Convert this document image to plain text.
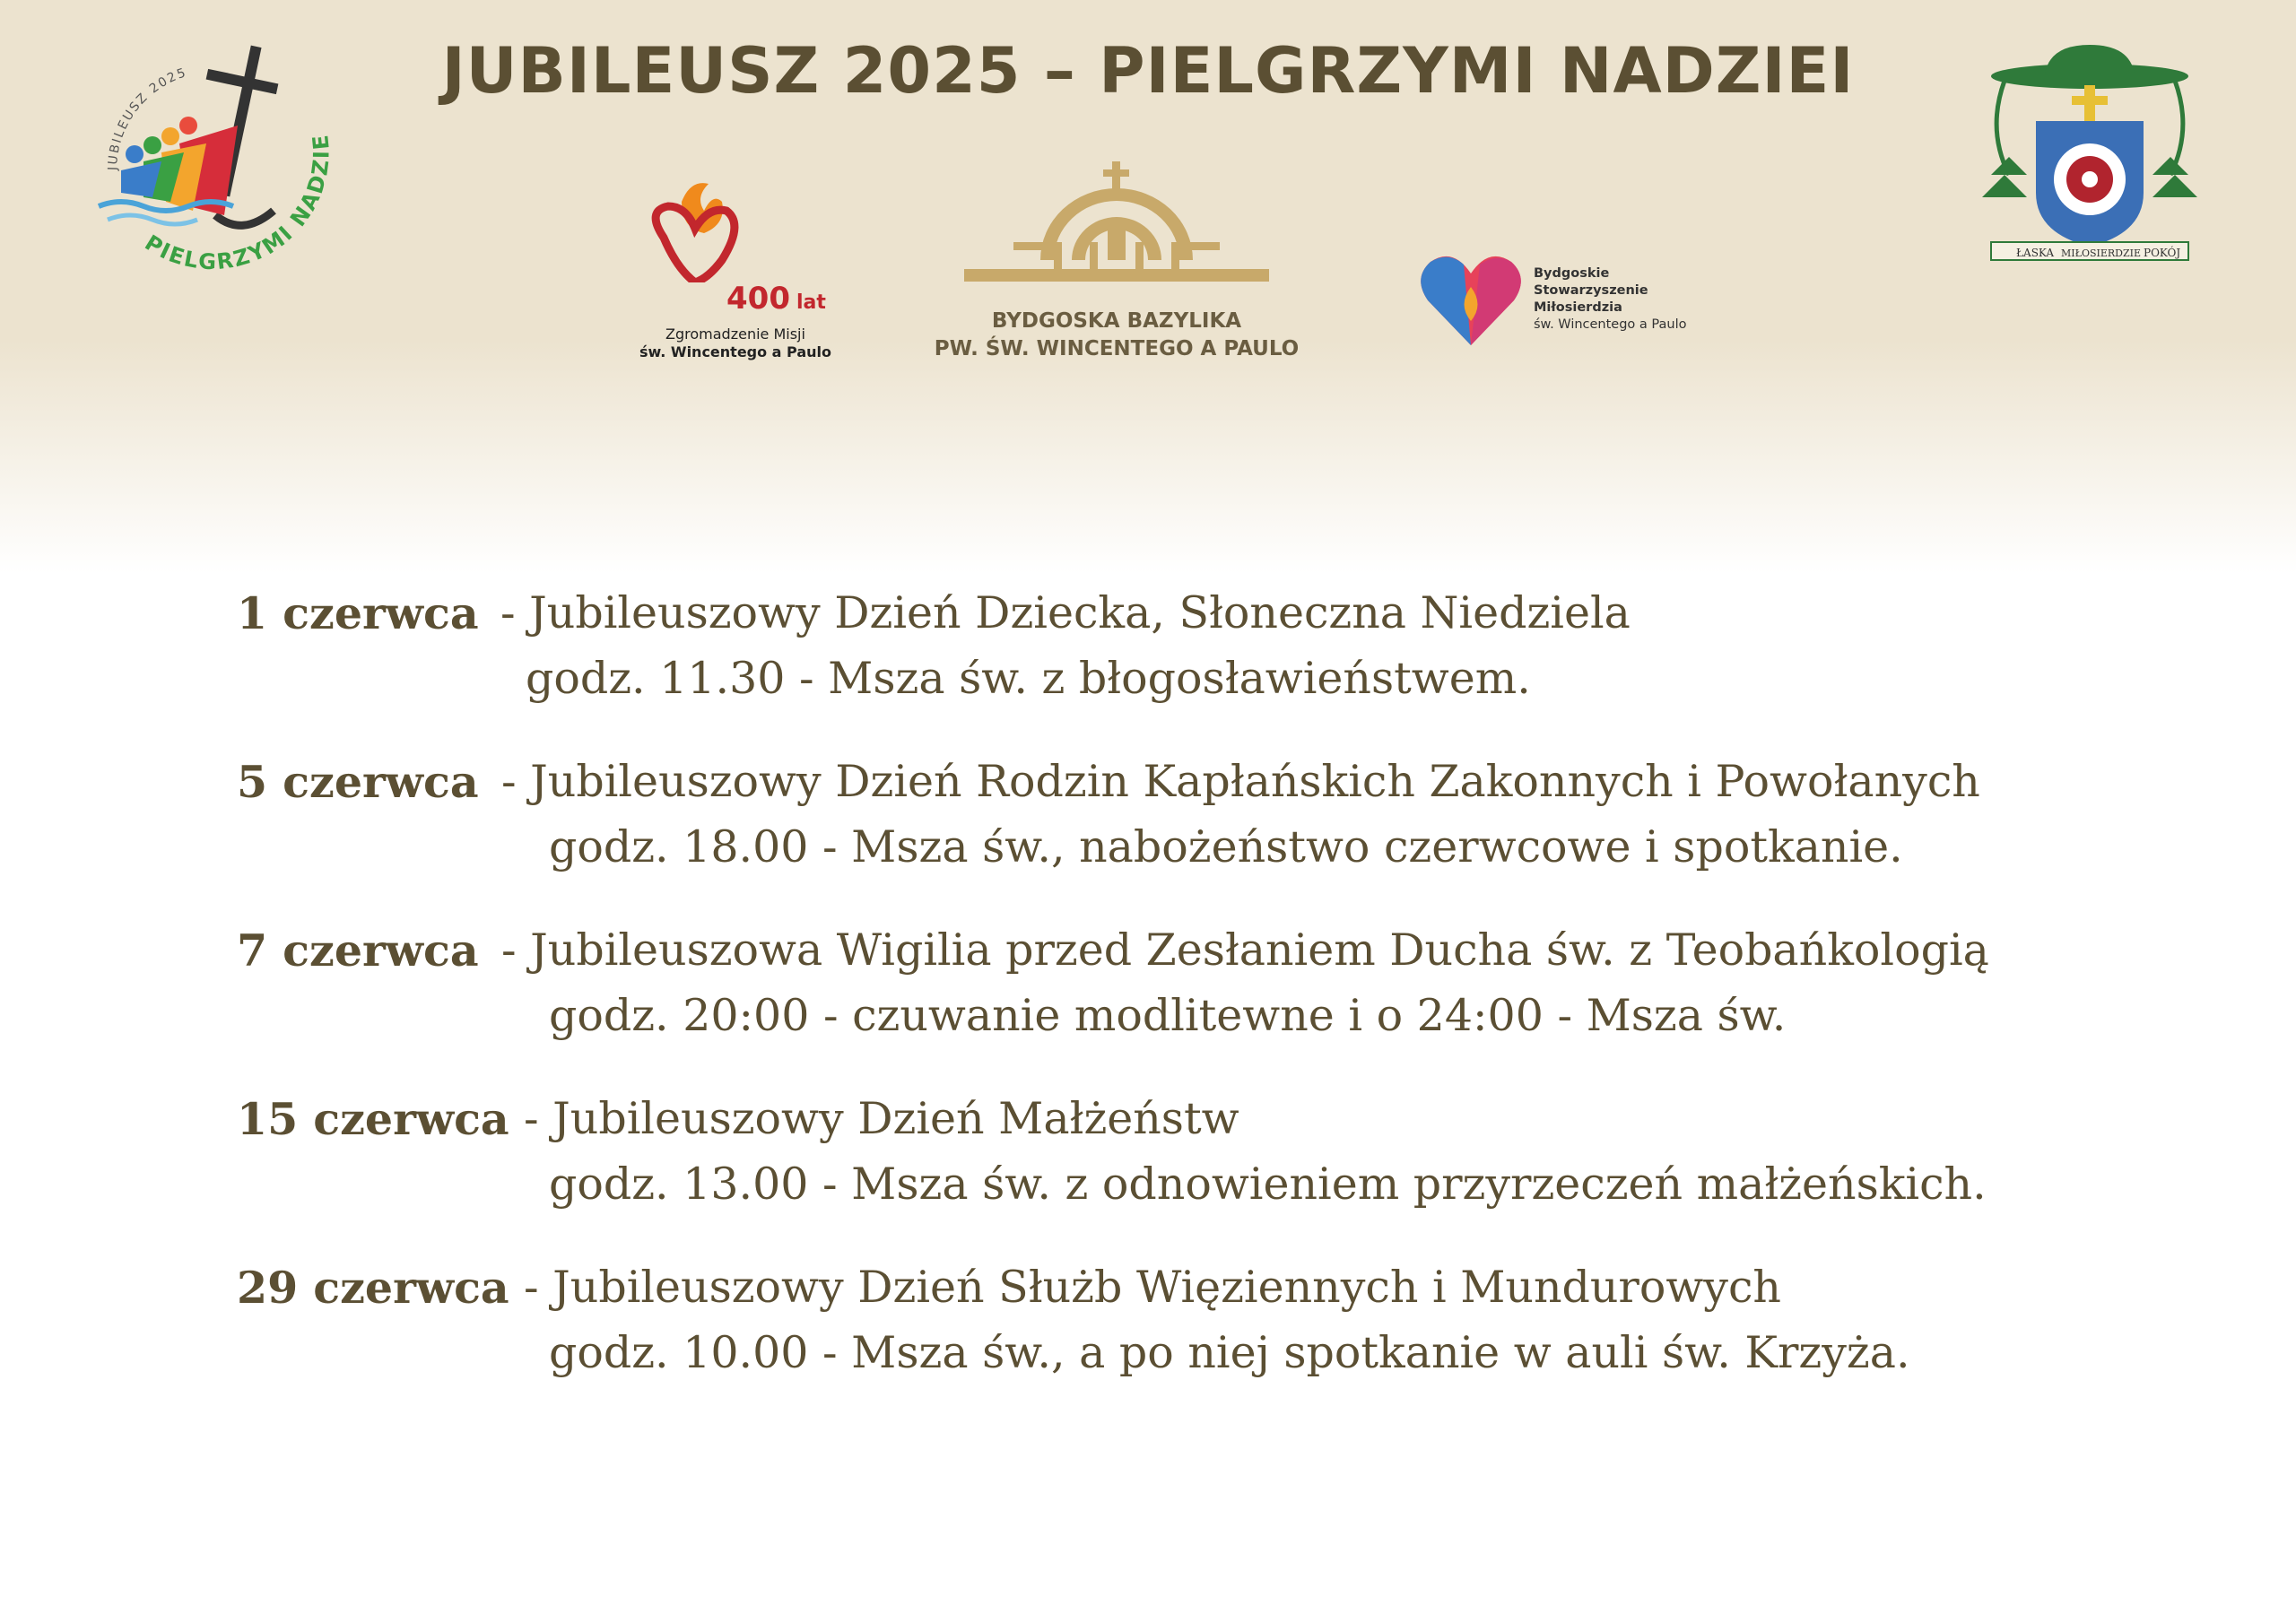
JUBILEUSZ 2025 – PIELGRZYMI NADZIEI
JUBILEUSZ 2025
PIELGRZYMI NADZIE
400 lat
Zgromadzenie Misji
św. Wincentego a Paulo
BYDGOSKA BAZYLIKA
PW. ŚW. WINCENTEGO A PAULO
Bydgoskie
Stowarzyszenie
Miłosierdzia
św. Wincentego a Paulo
ŁASKA MIŁOSIERDZIE POKÓJ
1 czerwca - Jubileuszowy Dzień Dziecka, Słoneczna Niedziela
godz. 11.30 - Msza św. z błogosławieństwem.
5 czerwca - Jubileuszowy Dzień Rodzin Kapłańskich Zakonnych i Powołanych
godz. 18.00 - Msza św., nabożeństwo czerwcowe i spotkanie.
7 czerwca - Jubileuszowa Wigilia przed Zesłaniem Ducha św. z Teobańkologią
godz. 20:00 - czuwanie modlitewne i o 24:00 - Msza św.
15 czerwca - Jubileuszowy Dzień Małżeństw
godz. 13.00 - Msza św. z odnowieniem przyrzeczeń małżeńskich.
29 czerwca - Jubileuszowy Dzień Służb Więziennych i Mundurowych
godz. 10.00 - Msza św., a po niej spotkanie w auli św. Krzyża.
